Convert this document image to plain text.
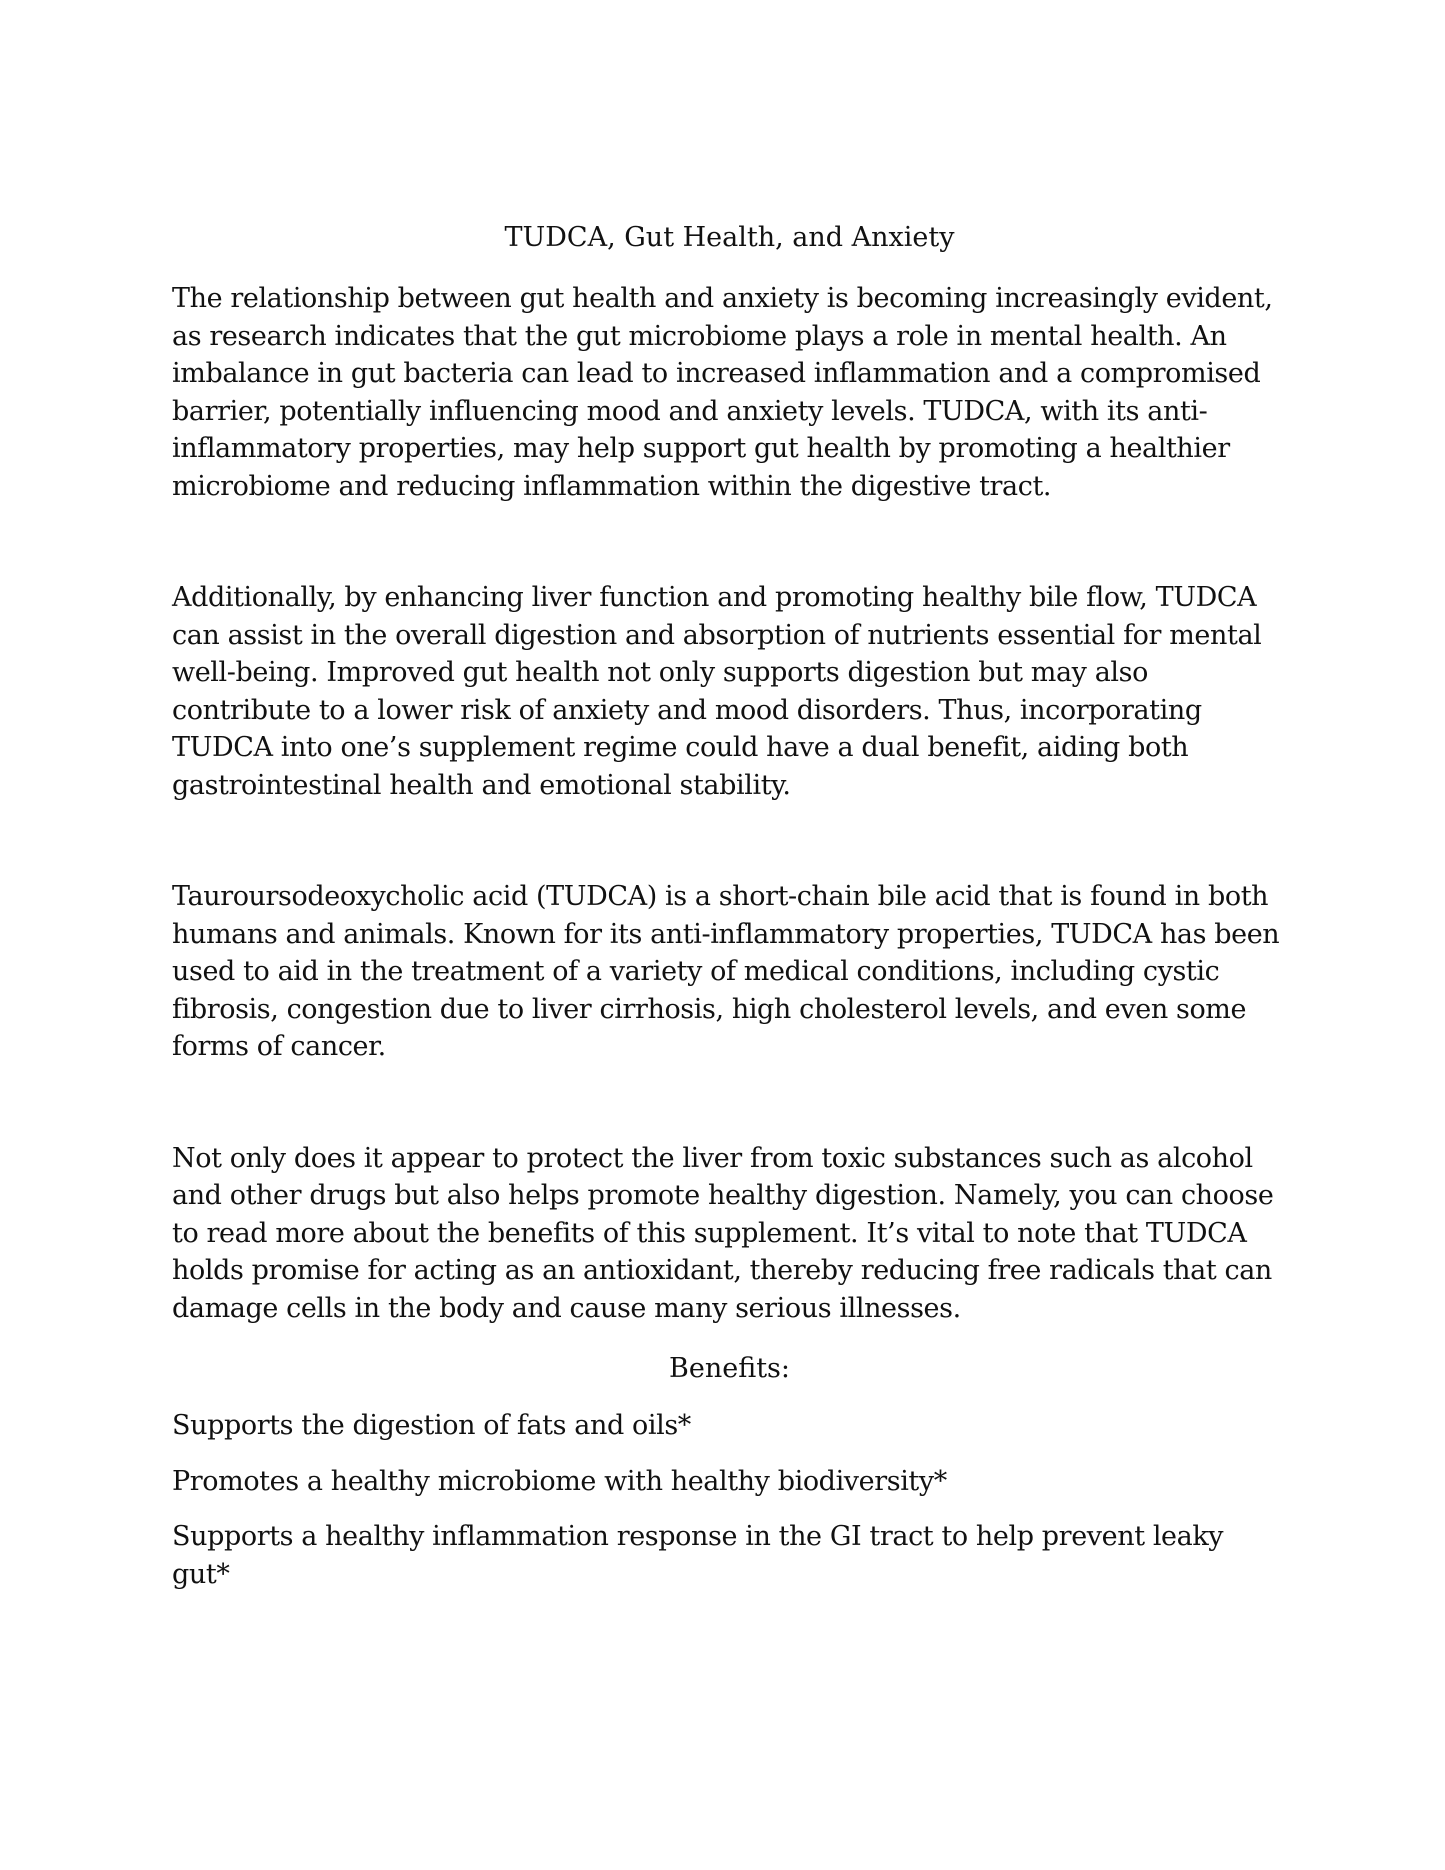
TUDCA, Gut Health, and Anxiety

The relationship between gut health and anxiety is becoming increasingly evident, as research indicates that the gut microbiome plays a role in mental health. An imbalance in gut bacteria can lead to increased inflammation and a compromised barrier, potentially influencing mood and anxiety levels. TUDCA, with its anti-inflammatory properties, may help support gut health by promoting a healthier microbiome and reducing inflammation within the digestive tract.

Additionally, by enhancing liver function and promoting healthy bile flow, TUDCA can assist in the overall digestion and absorption of nutrients essential for mental well-being. Improved gut health not only supports digestion but may also contribute to a lower risk of anxiety and mood disorders. Thus, incorporating TUDCA into one’s supplement regime could have a dual benefit, aiding both gastrointestinal health and emotional stability.

Tauroursodeoxycholic acid (TUDCA) is a short-chain bile acid that is found in both humans and animals. Known for its anti-inflammatory properties, TUDCA has been used to aid in the treatment of a variety of medical conditions, including cystic fibrosis, congestion due to liver cirrhosis, high cholesterol levels, and even some forms of cancer.

Not only does it appear to protect the liver from toxic substances such as alcohol and other drugs but also helps promote healthy digestion. Namely, you can choose to read more about the benefits of this supplement. It’s vital to note that TUDCA holds promise for acting as an antioxidant, thereby reducing free radicals that can damage cells in the body and cause many serious illnesses.

Benefits:
Supports the digestion of fats and oils*
Promotes a healthy microbiome with healthy biodiversity*
Supports a healthy inflammation response in the GI tract to help prevent leaky gut*
